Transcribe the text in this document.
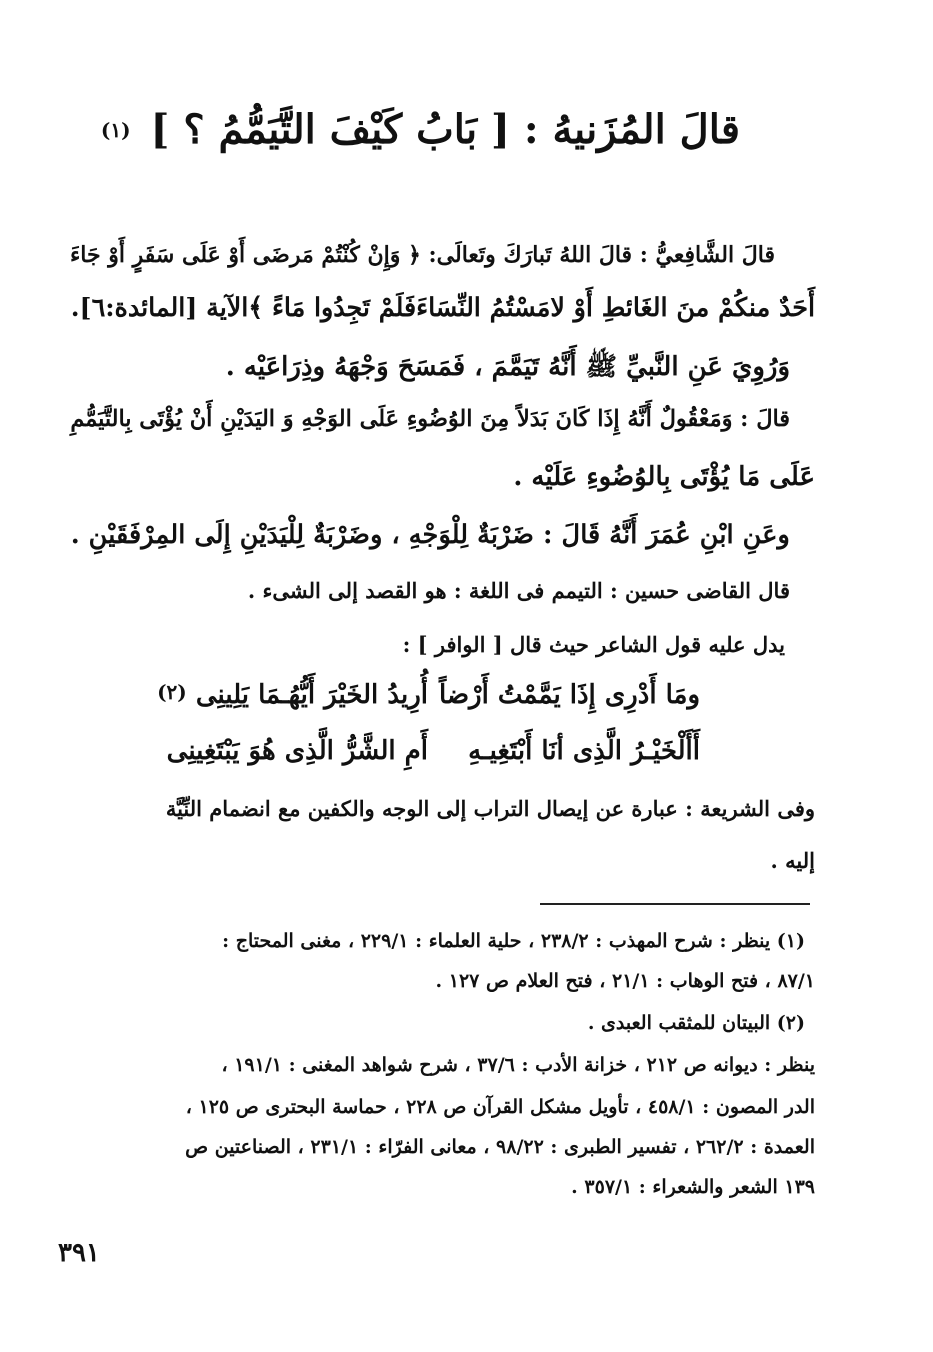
قالَ المُزَنيهُ : [ بَابُ كَيْفَ التَّيَمُّمُ ؟ ] $^{(١)}$
قالَ الشَّافِعيُّ : قالَ اللهُ تَبارَكَ وتَعالَى: ﴿ وَإِنْ كُنْتُمْ مَرضَى أَوْ عَلَى سَفَرٍ أَوْ جَاءَ
أَحَدٌ منكُمْ منَ الغَائطِ أَوْ لامَسْتُمُ النِّسَاءَفَلَمْ تَجِدُوا مَاءً ﴾الآية [المائدة:٦].
وَرُوِيَ عَنِ النَّبيِّ ﷺ أَنَّهُ تَيَمَّمَ ، فَمَسَحَ وَجْهَهُ وذِرَاعَيْه .
قالَ : وَمَعْقُولٌ أَنَّهُ إِذَا كَانَ بَدَلاً مِنَ الوُضُوءِ عَلَى الوَجْهِ وَ اليَدَيْنِ أَنْ يُؤْتَى بِالتَّيَمُّمِ
عَلَى مَا يُؤْتَى بِالوُضُوءِ عَلَيْه .
وعَنِ ابْنِ عُمَرَ أَنَّهُ قَالَ : ضَرْبَةٌ لِلْوَجْهِ ، وضَرْبَةٌ لِلْيَدَيْنِ إِلَى المِرْفَقَيْنِ .
قال القاضى حسين : التيمم فى اللغة : هو القصد إلى الشىء .
يدل عليه قول الشاعر حيث قال [ الوافر ] :
ومَا أَدْرِى إِذَا يَمَّمْتُ أَرْضاً
أُرِيدُ الخَيْرَ أَيُّهُـمَا يَلِينِى $^{(٢)}$
أَأَلْخَيْـرُ الَّذِى أنَا أَبْتَغِيـهِ
أَمِ الشَّرُّ الَّذِى هُوَ يَبْتَغِينِى
وفى الشريعة : عبارة عن إيصال التراب إلى الوجه والكفين مع انضمام النِّيَّة
إليه .
(١) ينظر : شرح المهذب : ٢٣٨/٢ ، حلية العلماء : ٢٢٩/١ ، مغنى المحتاج :
٨٧/١ ، فتح الوهاب : ٢١/١ ، فتح العلام ص ١٢٧ .
(٢) البيتان للمثقب العبدى .
ينظر : ديوانه ص ٢١٢ ، خزانة الأدب : ٣٧/٦ ، شرح شواهد المغنى : ١٩١/١ ،
الدر المصون : ٤٥٨/١ ، تأويل مشكل القرآن ص ٢٢٨ ، حماسة البحترى ص ١٢٥ ،
العمدة : ٢٦٢/٢ ، تفسير الطبرى : ٩٨/٢٢ ، معانى الفرّاء : ٢٣١/١ ، الصناعتين ص
١٣٩ الشعر والشعراء : ٣٥٧/١ .
٣٩١
